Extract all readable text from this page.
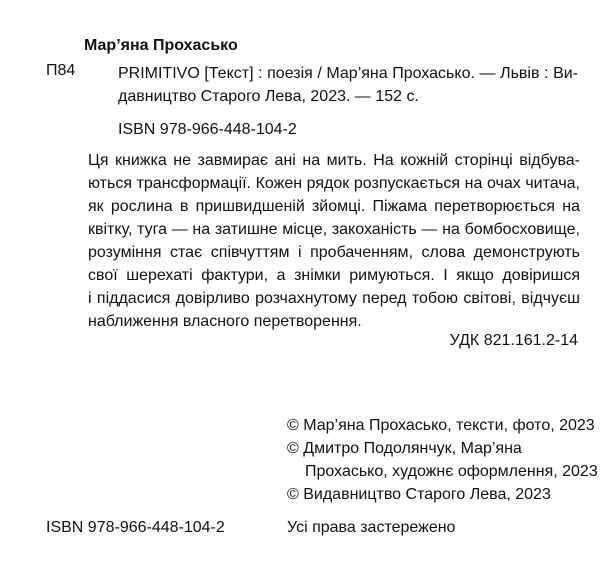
Мар’яна Прохасько
П84	PRIMITIVO [Текст] : поезія / Мар’яна Прохасько. — Львів : Ви-
давництво Старого Лева, 2023. — 152 с.
ISBN 978-966-448-104-2
Ця книжка не завмирає ані на мить. На кожній сторінці відбува-
ються трансформації. Кожен рядок розпускається на очах читача,
як рослина в пришвидшеній зйомці. Піжама перетворюється на
квітку, туга — на затишне місце, закоханість — на бомбосховище,
розуміння стає співчуттям і пробаченням, слова демонструють
свої шерехаті фактури, а знімки римуються. І якщо довіришся
і піддасися довірливо розчахнутому перед тобою світові, відчуєш
наближення власного перетворення.
УДК 821.161.2-14
© Мар’яна Прохасько, тексти, фото, 2023
© Дмитро Подолянчук, Мар’яна
Прохасько, художнє оформлення, 2023
© Видавництво Старого Лева, 2023
ISBN 978-966-448-104-2	Усі права застережено
